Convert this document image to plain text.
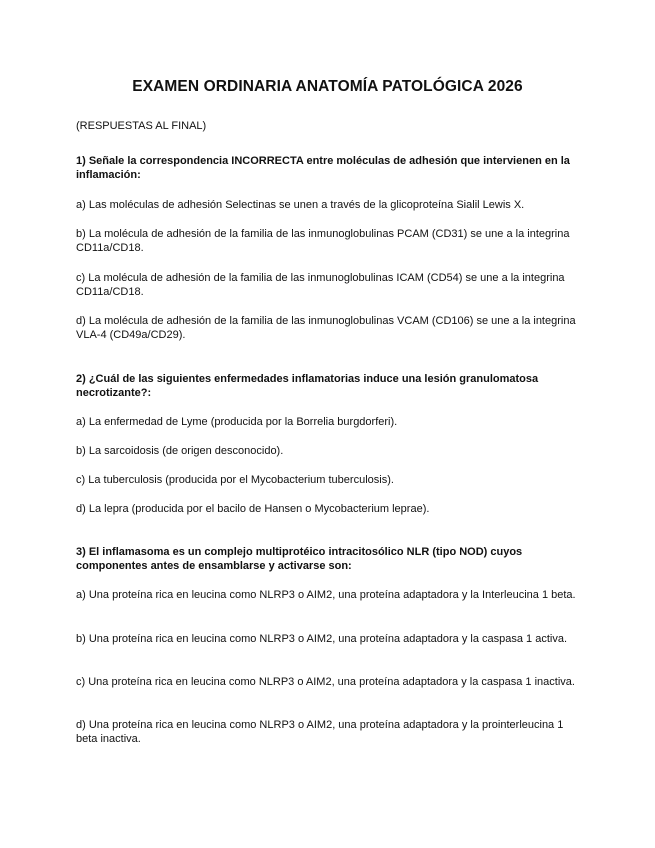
EXAMEN ORDINARIA ANATOMÍA PATOLÓGICA 2026
(RESPUESTAS AL FINAL)
1) Señale la correspondencia INCORRECTA entre moléculas de adhesión que intervienen en la inflamación:
a) Las moléculas de adhesión Selectinas se unen a través de la glicoproteína Sialil Lewis X.
b) La molécula de adhesión de la familia de las inmunoglobulinas PCAM (CD31) se une a la integrina CD11a/CD18.
c) La molécula de adhesión de la familia de las inmunoglobulinas ICAM (CD54) se une a la integrina CD11a/CD18.
d) La molécula de adhesión de la familia de las inmunoglobulinas VCAM (CD106) se une a la integrina VLA-4 (CD49a/CD29).
2) ¿Cuál de las siguientes enfermedades inflamatorias induce una lesión granulomatosa necrotizante?:
a) La enfermedad de Lyme (producida por la Borrelia burgdorferi).
b) La sarcoidosis (de origen desconocido).
c) La tuberculosis (producida por el Mycobacterium tuberculosis).
d) La lepra (producida por el bacilo de Hansen o Mycobacterium leprae).
3) El inflamasoma es un complejo multiprotéico intracitosólico NLR (tipo NOD) cuyos componentes antes de ensamblarse y activarse son:
a) Una proteína rica en leucina como NLRP3 o AIM2, una proteína adaptadora y la Interleucina 1 beta.
b) Una proteína rica en leucina como NLRP3 o AIM2, una proteína adaptadora y la caspasa 1 activa.
c) Una proteína rica en leucina como NLRP3 o AIM2, una proteína adaptadora y la caspasa 1 inactiva.
d) Una proteína rica en leucina como NLRP3 o AIM2, una proteína adaptadora y la prointerleucina 1 beta inactiva.
